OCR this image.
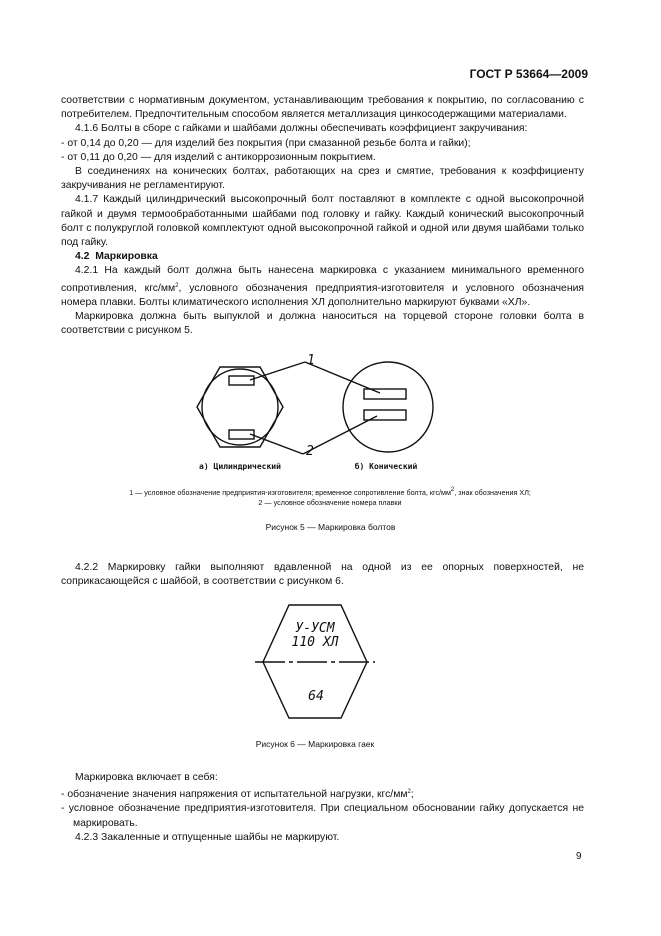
ГОСТ Р 53664—2009

соответствии с нормативным документом, устанавливающим требования к покрытию, по согласованию с потребителем. Предпочтительным способом является металлизация цинкосодержащими материалами.

4.1.6 Болты в сборе с гайками и шайбами должны обеспечивать коэффициент закручивания:

- от 0,14 до 0,20 — для изделий без покрытия (при смазанной резьбе болта и гайки);

- от 0,11 до 0,20 — для изделий с антикоррозионным покрытием.

В соединениях на конических болтах, работающих на срез и смятие, требования к коэффициенту закручивания не регламентируют.

4.1.7 Каждый цилиндрический высокопрочный болт поставляют в комплекте с одной высокопрочной гайкой и двумя термообработанными шайбами под головку и гайку. Каждый конический высокопрочный болт с полукруглой головкой комплектуют одной высокопрочной гайкой и одной или двумя шайбами только под гайку.

4.2 Маркировка

4.2.1 На каждый болт должна быть нанесена маркировка с указанием минимального временного сопротивления, кгс/$мм^2$, условного обозначения предприятия-изготовителя и условного обозначения номера плавки. Болты климатического исполнения ХЛ дополнительно маркируют буквами «ХЛ».

Маркировка должна быть выпуклой и должна наноситься на торцевой стороне головки болта в соответствии с рисунком 5.

1
2
а) Цилиндрический	б) Конический
1 — условное обозначение предприятия-изготовителя; временное сопротивление болта, кгс/$мм^2$, знак обозначения ХЛ;
2 — условное обозначение номера плавки
Рисунок 5 — Маркировка болтов

4.2.2 Маркировку гайки выполняют вдавленной на одной из ее опорных поверхностей, не соприкасающейся с шайбой, в соответствии с рисунком 6.

У-УСМ
110 ХЛ
64
Рисунок 6 — Маркировка гаек

Маркировка включает в себя:

- обозначение значения напряжения от испытательной нагрузки, кгс/$мм^2$;

- условное обозначение предприятия-изготовителя. При специальном обосновании гайку допускается не маркировать.

4.2.3 Закаленные и отпущенные шайбы не маркируют.

9
